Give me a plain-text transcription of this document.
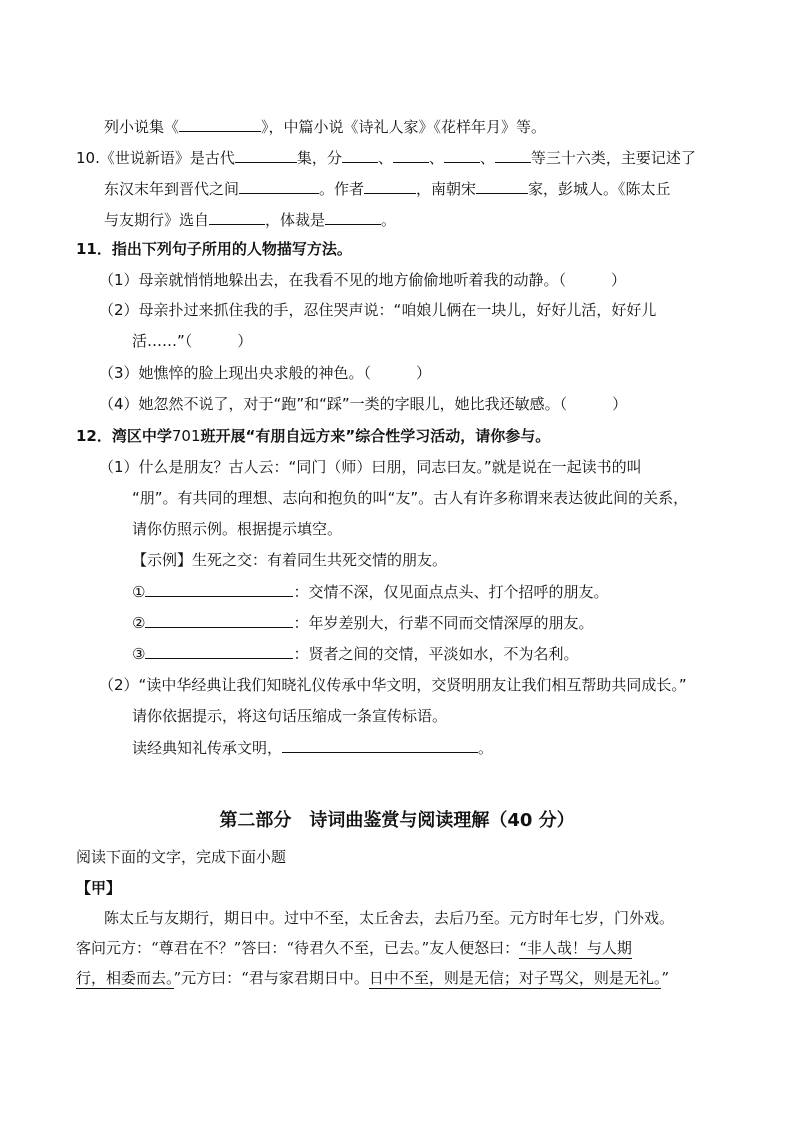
列小说集《	》，中篇小说《诗礼人家》《花样年月》等。
10.《世说新语》是古代	集，分 、 、 、 等三十六类，主要记述了
东汉末年到晋代之间	。作者	，南朝宋	家，彭城人。《陈太丘
与友期行》选自	，体裁是	。
11．指出下列句子所用的人物描写方法。
（1）母亲就悄悄地躲出去，在我看不见的地方偷偷地听着我的动静。（　　　）
（2）母亲扑过来抓住我的手，忍住哭声说：“咱娘儿俩在一块儿，好好儿活，好好儿
活……”（　　　）
（3）她憔悴的脸上现出央求般的神色。（　　　）
（4）她忽然不说了，对于“跑”和“踩”一类的字眼儿，她比我还敏感。（　　　）
12．湾区中学701班开展“有朋自远方来”综合性学习活动，请你参与。
（1）什么是朋友？古人云：“同门（师）曰朋，同志曰友。”就是说在一起读书的叫
“朋”。有共同的理想、志向和抱负的叫“友”。古人有许多称谓来表达彼此间的关系，
请你仿照示例。根据提示填空。
【示例】生死之交：有着同生共死交情的朋友。
①	：交情不深，仅见面点点头、打个招呼的朋友。
②	：年岁差别大，行辈不同而交情深厚的朋友。
③	：贤者之间的交情，平淡如水，不为名利。
（2）“读中华经典让我们知晓礼仪传承中华文明，交贤明朋友让我们相互帮助共同成长。”
请你依据提示，将这句话压缩成一条宣传标语。
读经典知礼传承文明，	。
第二部分　诗词曲鉴赏与阅读理解（40 分）
阅读下面的文字，完成下面小题
【甲】
陈太丘与友期行，期日中。过中不至，太丘舍去，去后乃至。元方时年七岁，门外戏。
客问元方：“尊君在不？”答曰：“待君久不至，已去。”友人便怒曰：“非人哉！与人期
行，相委而去。”元方曰：“君与家君期日中。日中不至，则是无信；对子骂父，则是无礼。”
